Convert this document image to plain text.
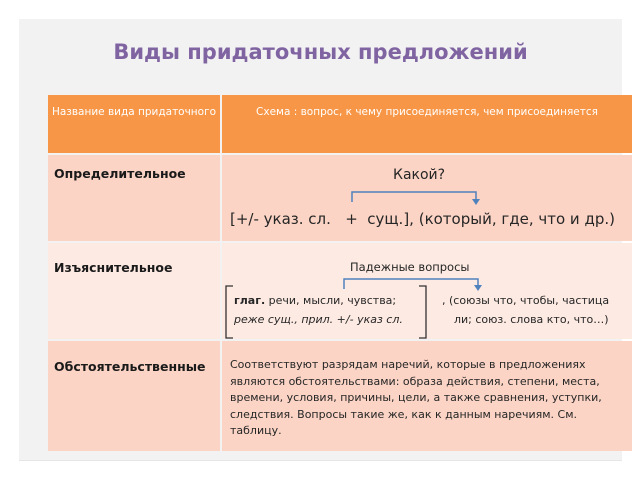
Виды придаточных предложений
Название вида придаточного	Схема : вопрос, к чему присоединяется, чем присоединяется
Определительное	Какой?
[+/- указ. сл.   +  сущ.], (который, где, что и др.)
Изъяснительное	Падежные вопросы
глаг. речи, мысли, чувства;
реже сущ., прил. +/- указ сл.
, (союзы что, чтобы, частица
ли; союз. слова кто, что…)
Обстоятельственные Соответствуют разрядам наречий, которые в предложениях являются обстоятельствами: образа действия, степени, места, времени, условия, причины, цели, а также сравнения, уступки, следствия. Вопросы такие же, как к данным наречиям. См. таблицу.
